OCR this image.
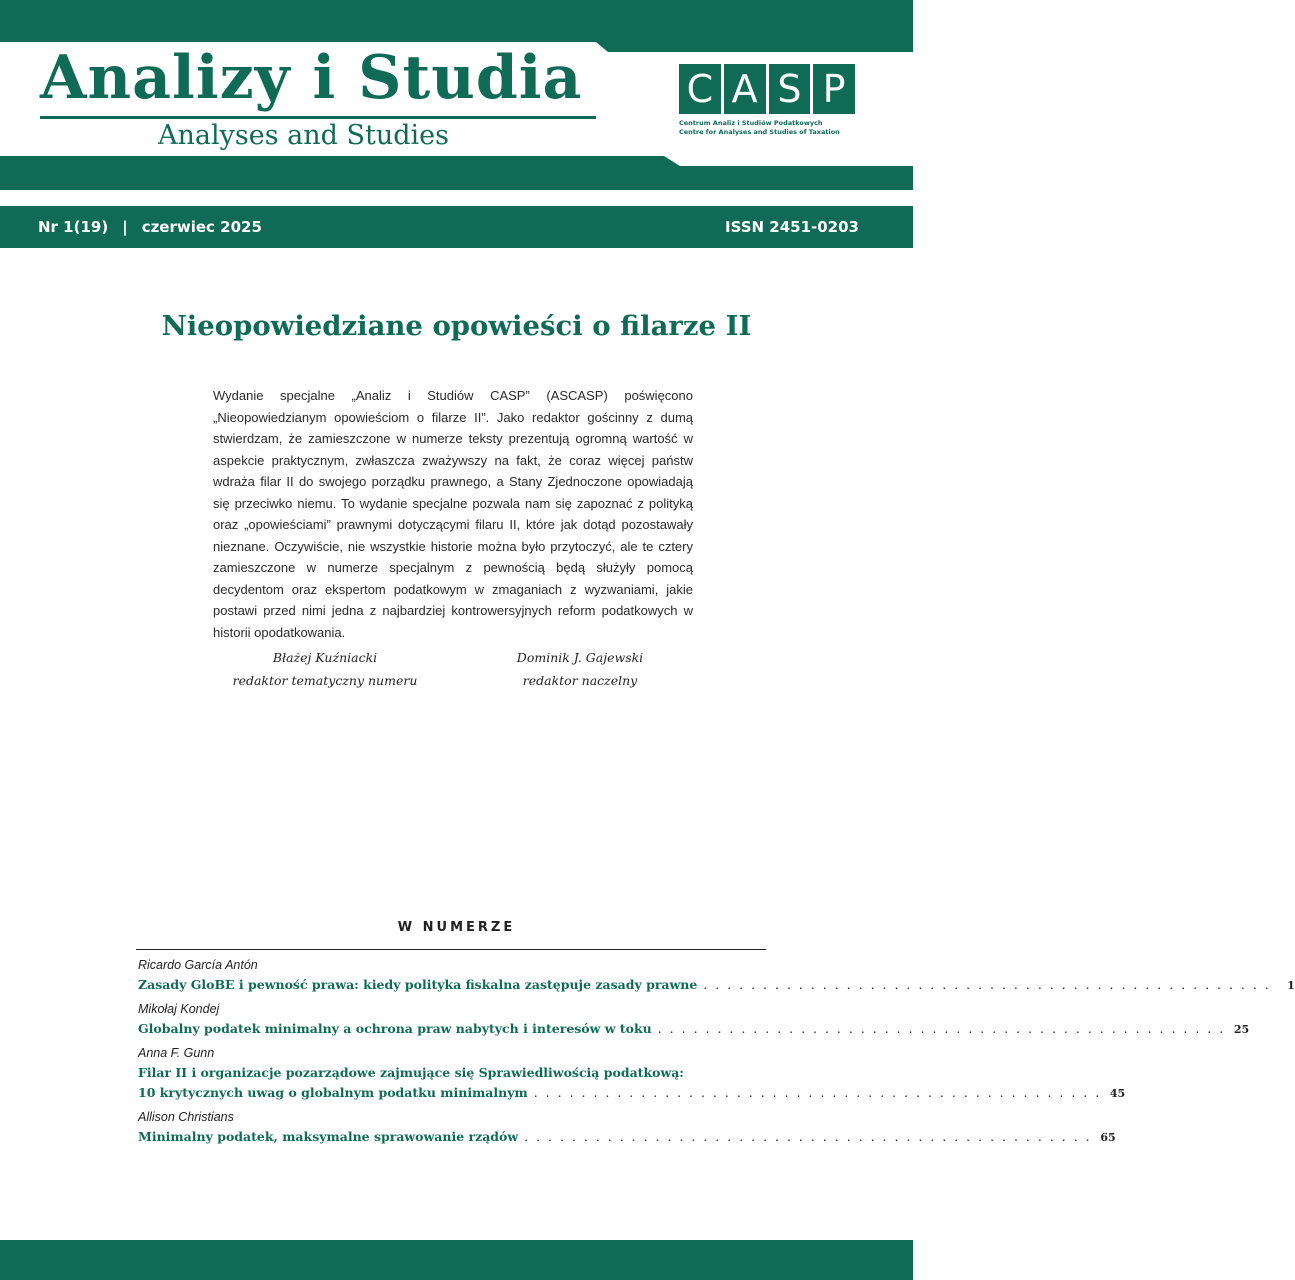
Analizy i Studia
Analyses and Studies
C A S P
Centrum Analiz i Studiów Podatkowych
Centre for Analyses and Studies of Taxation
Nr 1(19) | czerwiec 2025	ISSN 2451-0203
Nieopowiedziane opowieści o filarze II

Wydanie specjalne „Analiz i Studiów CASP” (ASCASP) poświęcono „Nieopowiedzianym opowieściom o filarze II”. Jako redaktor gościnny z dumą stwierdzam, że zamieszczone w numerze teksty prezentują ogromną wartość w aspekcie praktycznym, zwłaszcza zważywszy na fakt, że coraz więcej państw wdraża filar II do swojego porządku prawnego, a Stany Zjednoczone opowiadają się przeciwko niemu. To wydanie specjalne pozwala nam się zapoznać z polityką oraz „opowieściami” prawnymi dotyczącymi filaru II, które jak dotąd pozostawały nieznane. Oczywiście, nie wszystkie historie można było przytoczyć, ale te cztery zamieszczone w numerze specjalnym z pewnością będą służyły pomocą decydentom oraz ekspertom podatkowym w zmaganiach z wyzwaniami, jakie postawi przed nimi jedna z najbardziej kontrowersyjnych reform podatkowych w historii opodatkowania.

Błażej Kuźniacki
redaktor tematyczny numeru
Dominik J. Gajewski
redaktor naczelny
W NUMERZE
Ricardo García Antón
Zasady GloBE i pewność prawa: kiedy polityka fiskalna zastępuje zasady prawne . . . . . . . . . . . . . . . . . . . . . . . . . . . . . . . . . . . . . . . . . . . . . . . .	1
Mikołaj Kondej
Globalny podatek minimalny a ochrona praw nabytych i interesów w toku . . . . . . . . . . . . . . . . . . . . . . . . . . . . . . . . . . . . . . . . . . . . . . . . 25
Anna F. Gunn
Filar II i organizacje pozarządowe zajmujące się Sprawiedliwością podatkową:
10 krytycznych uwag o globalnym podatku minimalnym . . . . . . . . . . . . . . . . . . . . . . . . . . . . . . . . . . . . . . . . . . . . . . . . 45
Allison Christians
Minimalny podatek, maksymalne sprawowanie rządów . . . . . . . . . . . . . . . . . . . . . . . . . . . . . . . . . . . . . . . . . . . . . . . . 65
